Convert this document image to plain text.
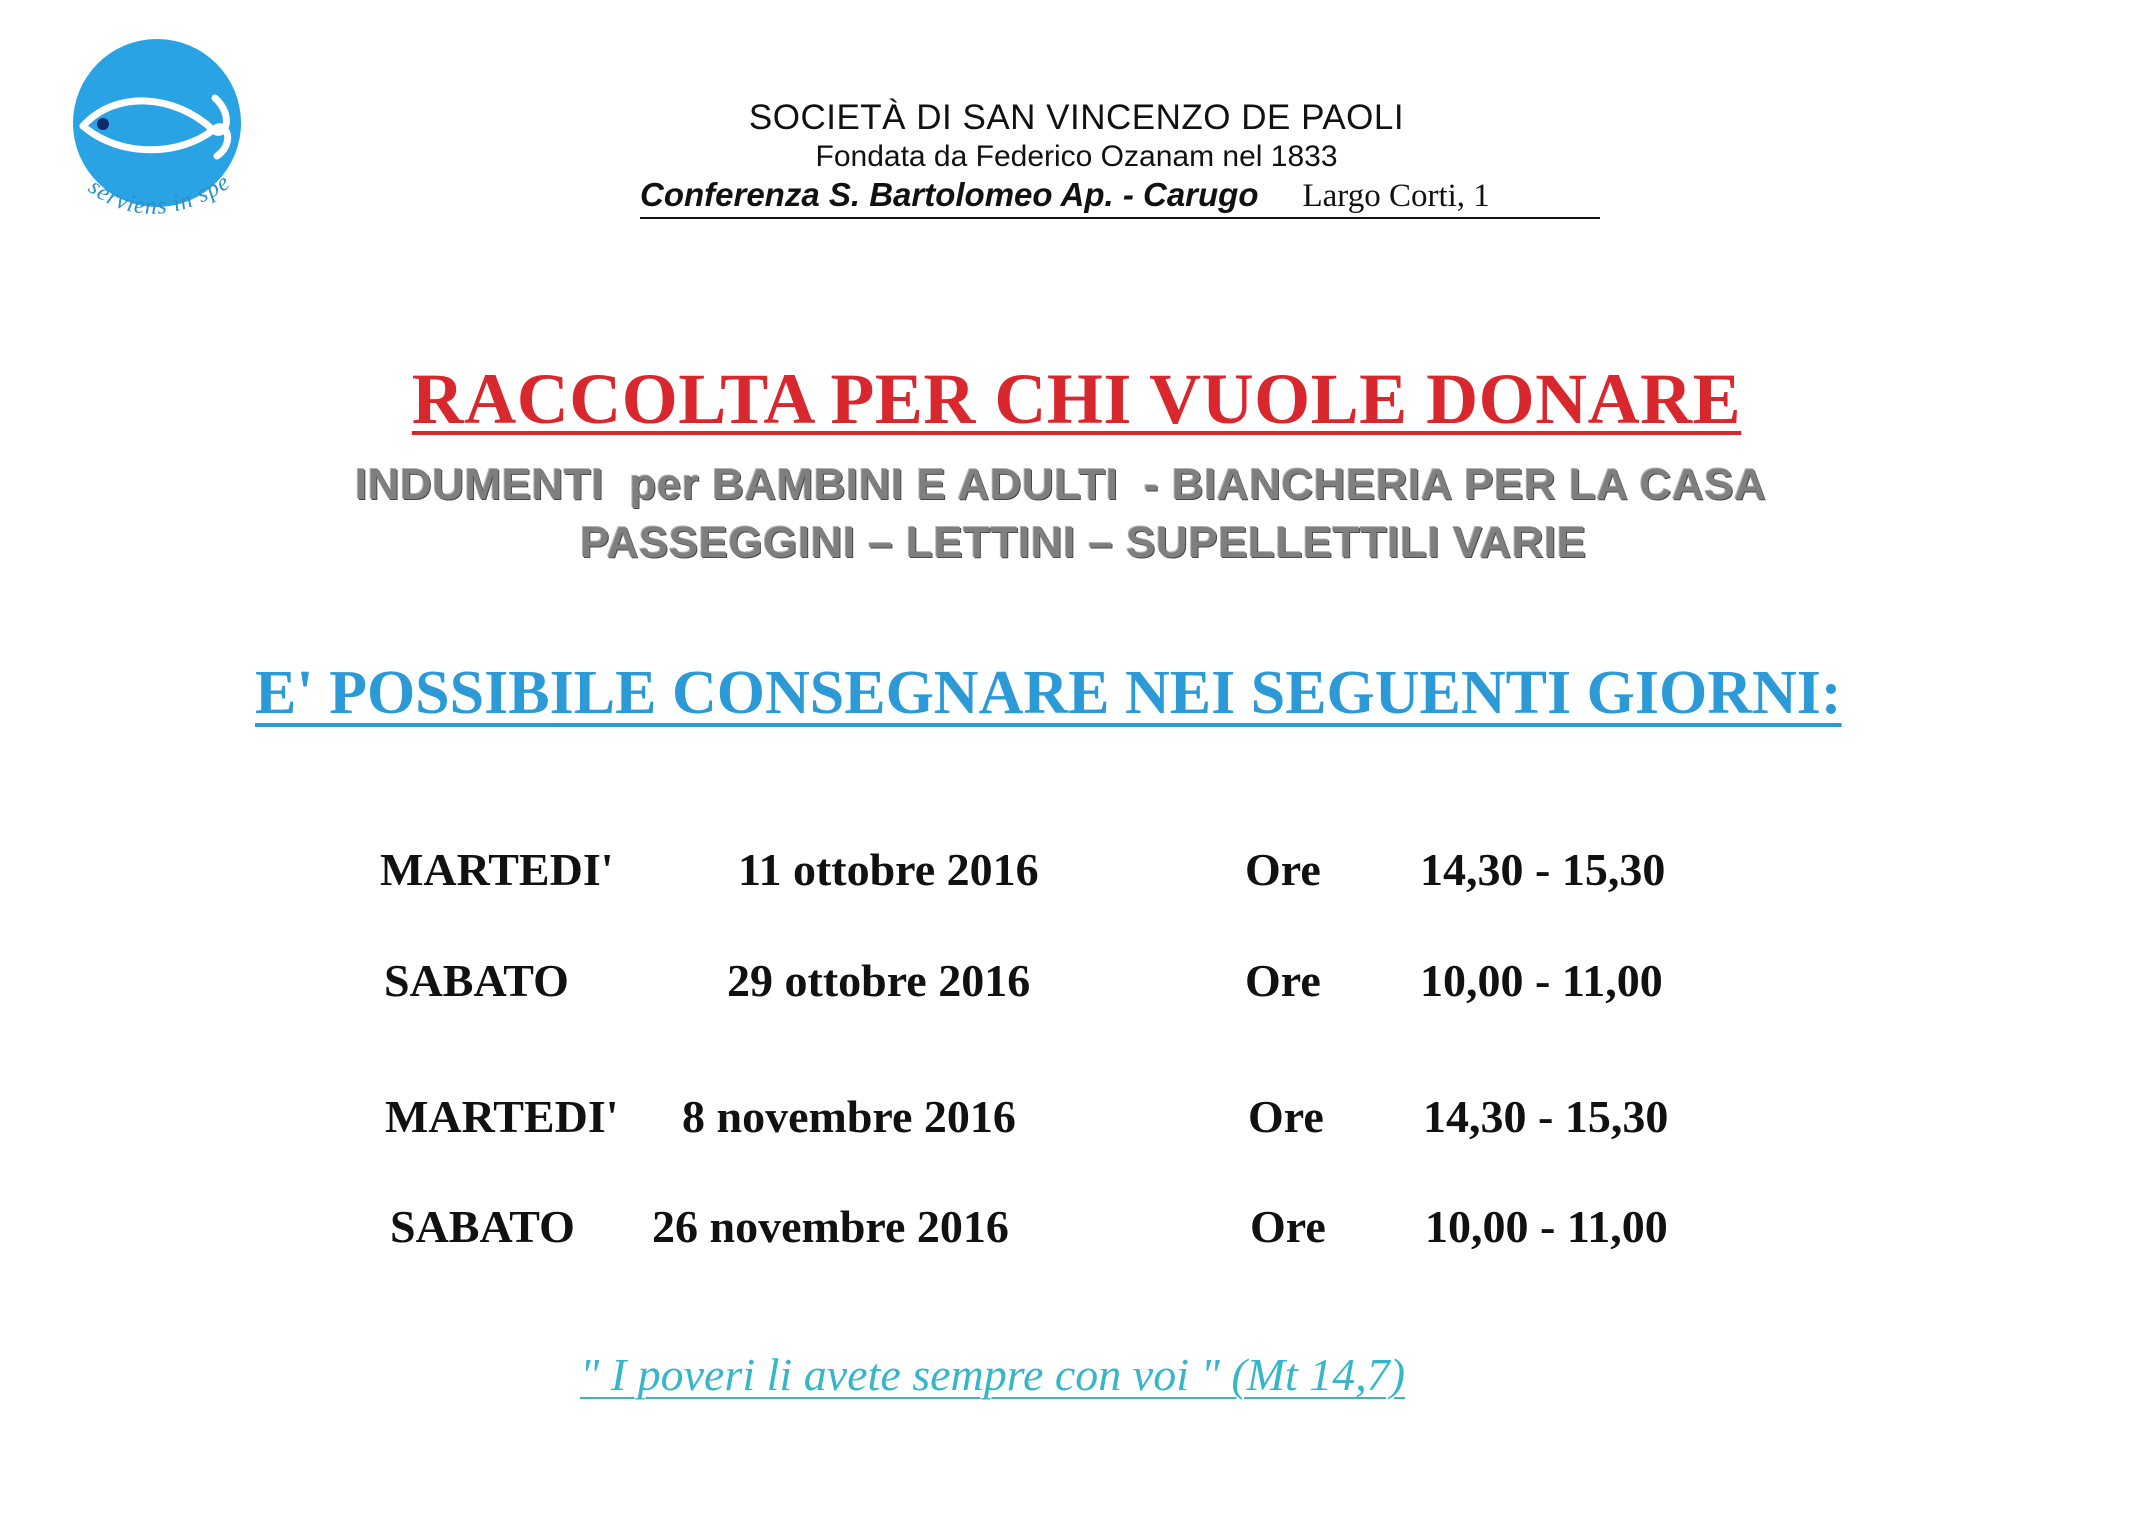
serviens in spe
SOCIETÀ DI SAN VINCENZO DE PAOLI
Fondata da Federico Ozanam nel 1833
Conferenza S. Bartolomeo Ap. - Carugo Largo Corti, 1
RACCOLTA PER CHI VUOLE DONARE
INDUMENTI  per BAMBINI E ADULTI  - BIANCHERIA PER LA CASA
PASSEGGINI – LETTINI – SUPELLETTILI VARIE
E' POSSIBILE CONSEGNARE NEI SEGUENTI GIORNI:
MARTEDI'	11 ottobre 2016	Ore 14,30 - 15,30
SABATO	29 ottobre 2016	Ore 10,00 - 11,00
MARTEDI' 8 novembre 2016	Ore 14,30 - 15,30
SABATO 26 novembre 2016	Ore 10,00 - 11,00
" I poveri li avete sempre con voi " (Mt 14,7)
